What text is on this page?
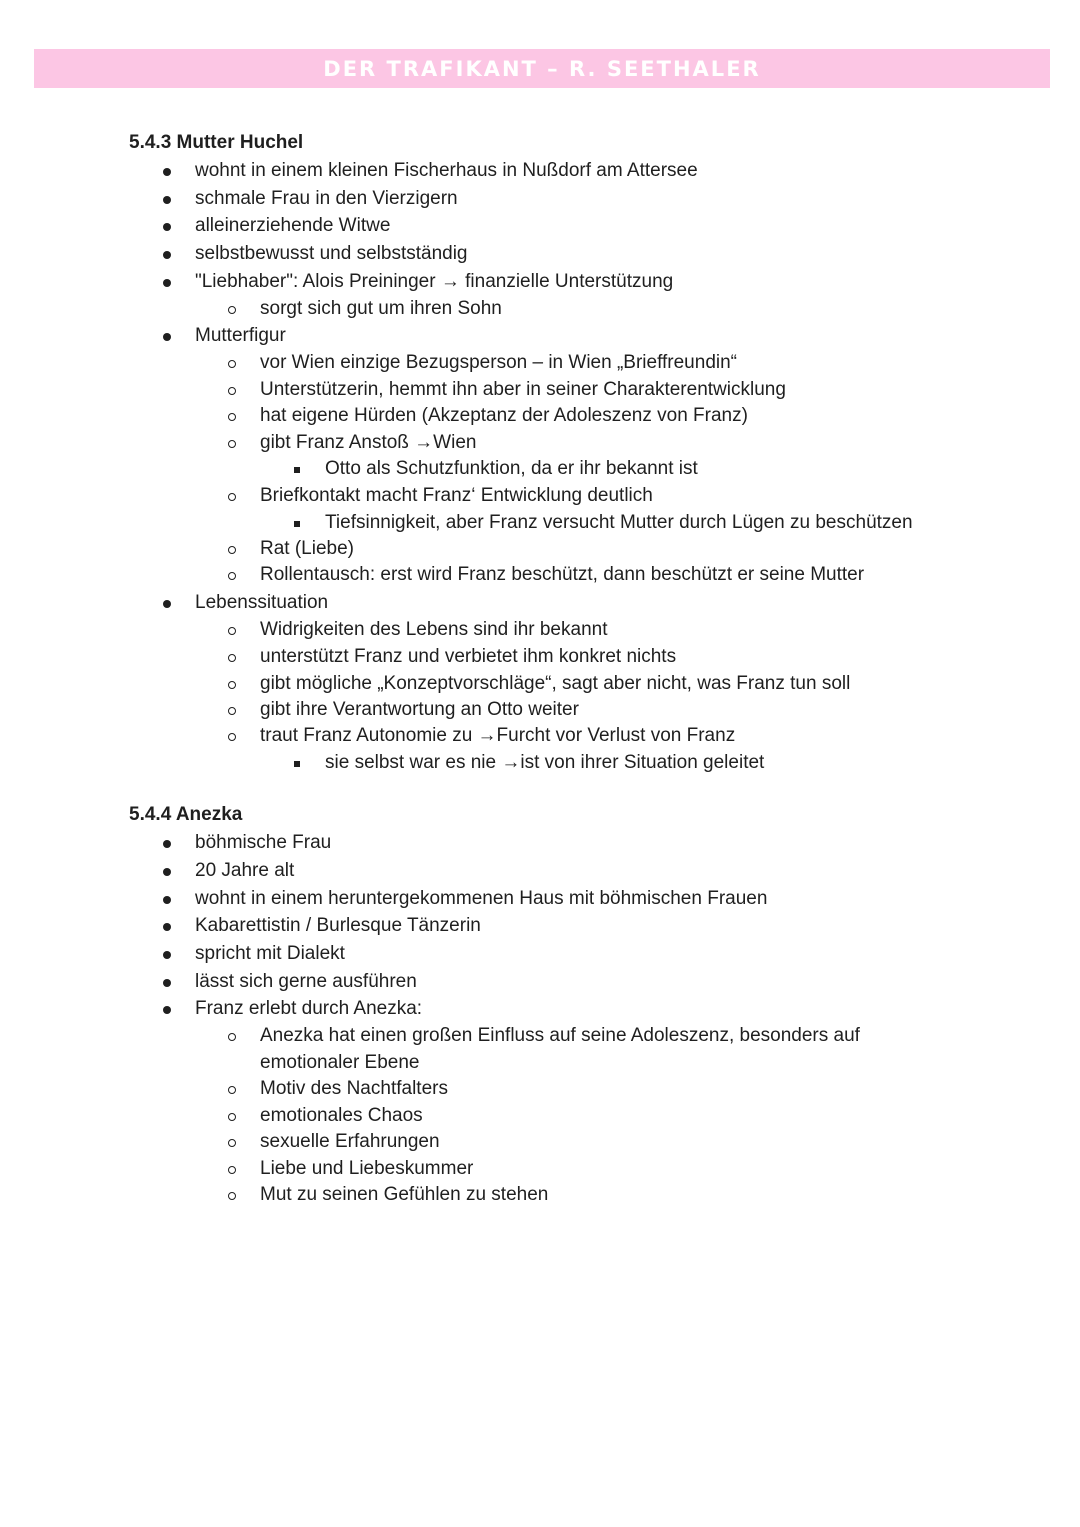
DER TRAFIKANT – R. SEETHALER
5.4.3 Mutter Huchel
wohnt in einem kleinen Fischerhaus in Nußdorf am Attersee
schmale Frau in den Vierzigern
alleinerziehende Witwe
selbstbewusst und selbstständig
"Liebhaber": Alois Preininger → finanzielle Unterstützung
sorgt sich gut um ihren Sohn
Mutterfigur
vor Wien einzige Bezugsperson – in Wien „Brieffreundin“
Unterstützerin, hemmt ihn aber in seiner Charakterentwicklung
hat eigene Hürden (Akzeptanz der Adoleszenz von Franz)
gibt Franz Anstoß →Wien
Otto als Schutzfunktion, da er ihr bekannt ist
Briefkontakt macht Franz‘ Entwicklung deutlich
Tiefsinnigkeit, aber Franz versucht Mutter durch Lügen zu beschützen
Rat (Liebe)
Rollentausch: erst wird Franz beschützt, dann beschützt er seine Mutter
Lebenssituation
Widrigkeiten des Lebens sind ihr bekannt
unterstützt Franz und verbietet ihm konkret nichts
gibt mögliche „Konzeptvorschläge“, sagt aber nicht, was Franz tun soll
gibt ihre Verantwortung an Otto weiter
traut Franz Autonomie zu →Furcht vor Verlust von Franz
sie selbst war es nie →ist von ihrer Situation geleitet
5.4.4 Anezka
böhmische Frau
20 Jahre alt
wohnt in einem heruntergekommenen Haus mit böhmischen Frauen
Kabarettistin / Burlesque Tänzerin
spricht mit Dialekt
lässt sich gerne ausführen
Franz erlebt durch Anezka:
Anezka hat einen großen Einfluss auf seine Adoleszenz, besonders auf
emotionaler Ebene
Motiv des Nachtfalters
emotionales Chaos
sexuelle Erfahrungen
Liebe und Liebeskummer
Mut zu seinen Gefühlen zu stehen
